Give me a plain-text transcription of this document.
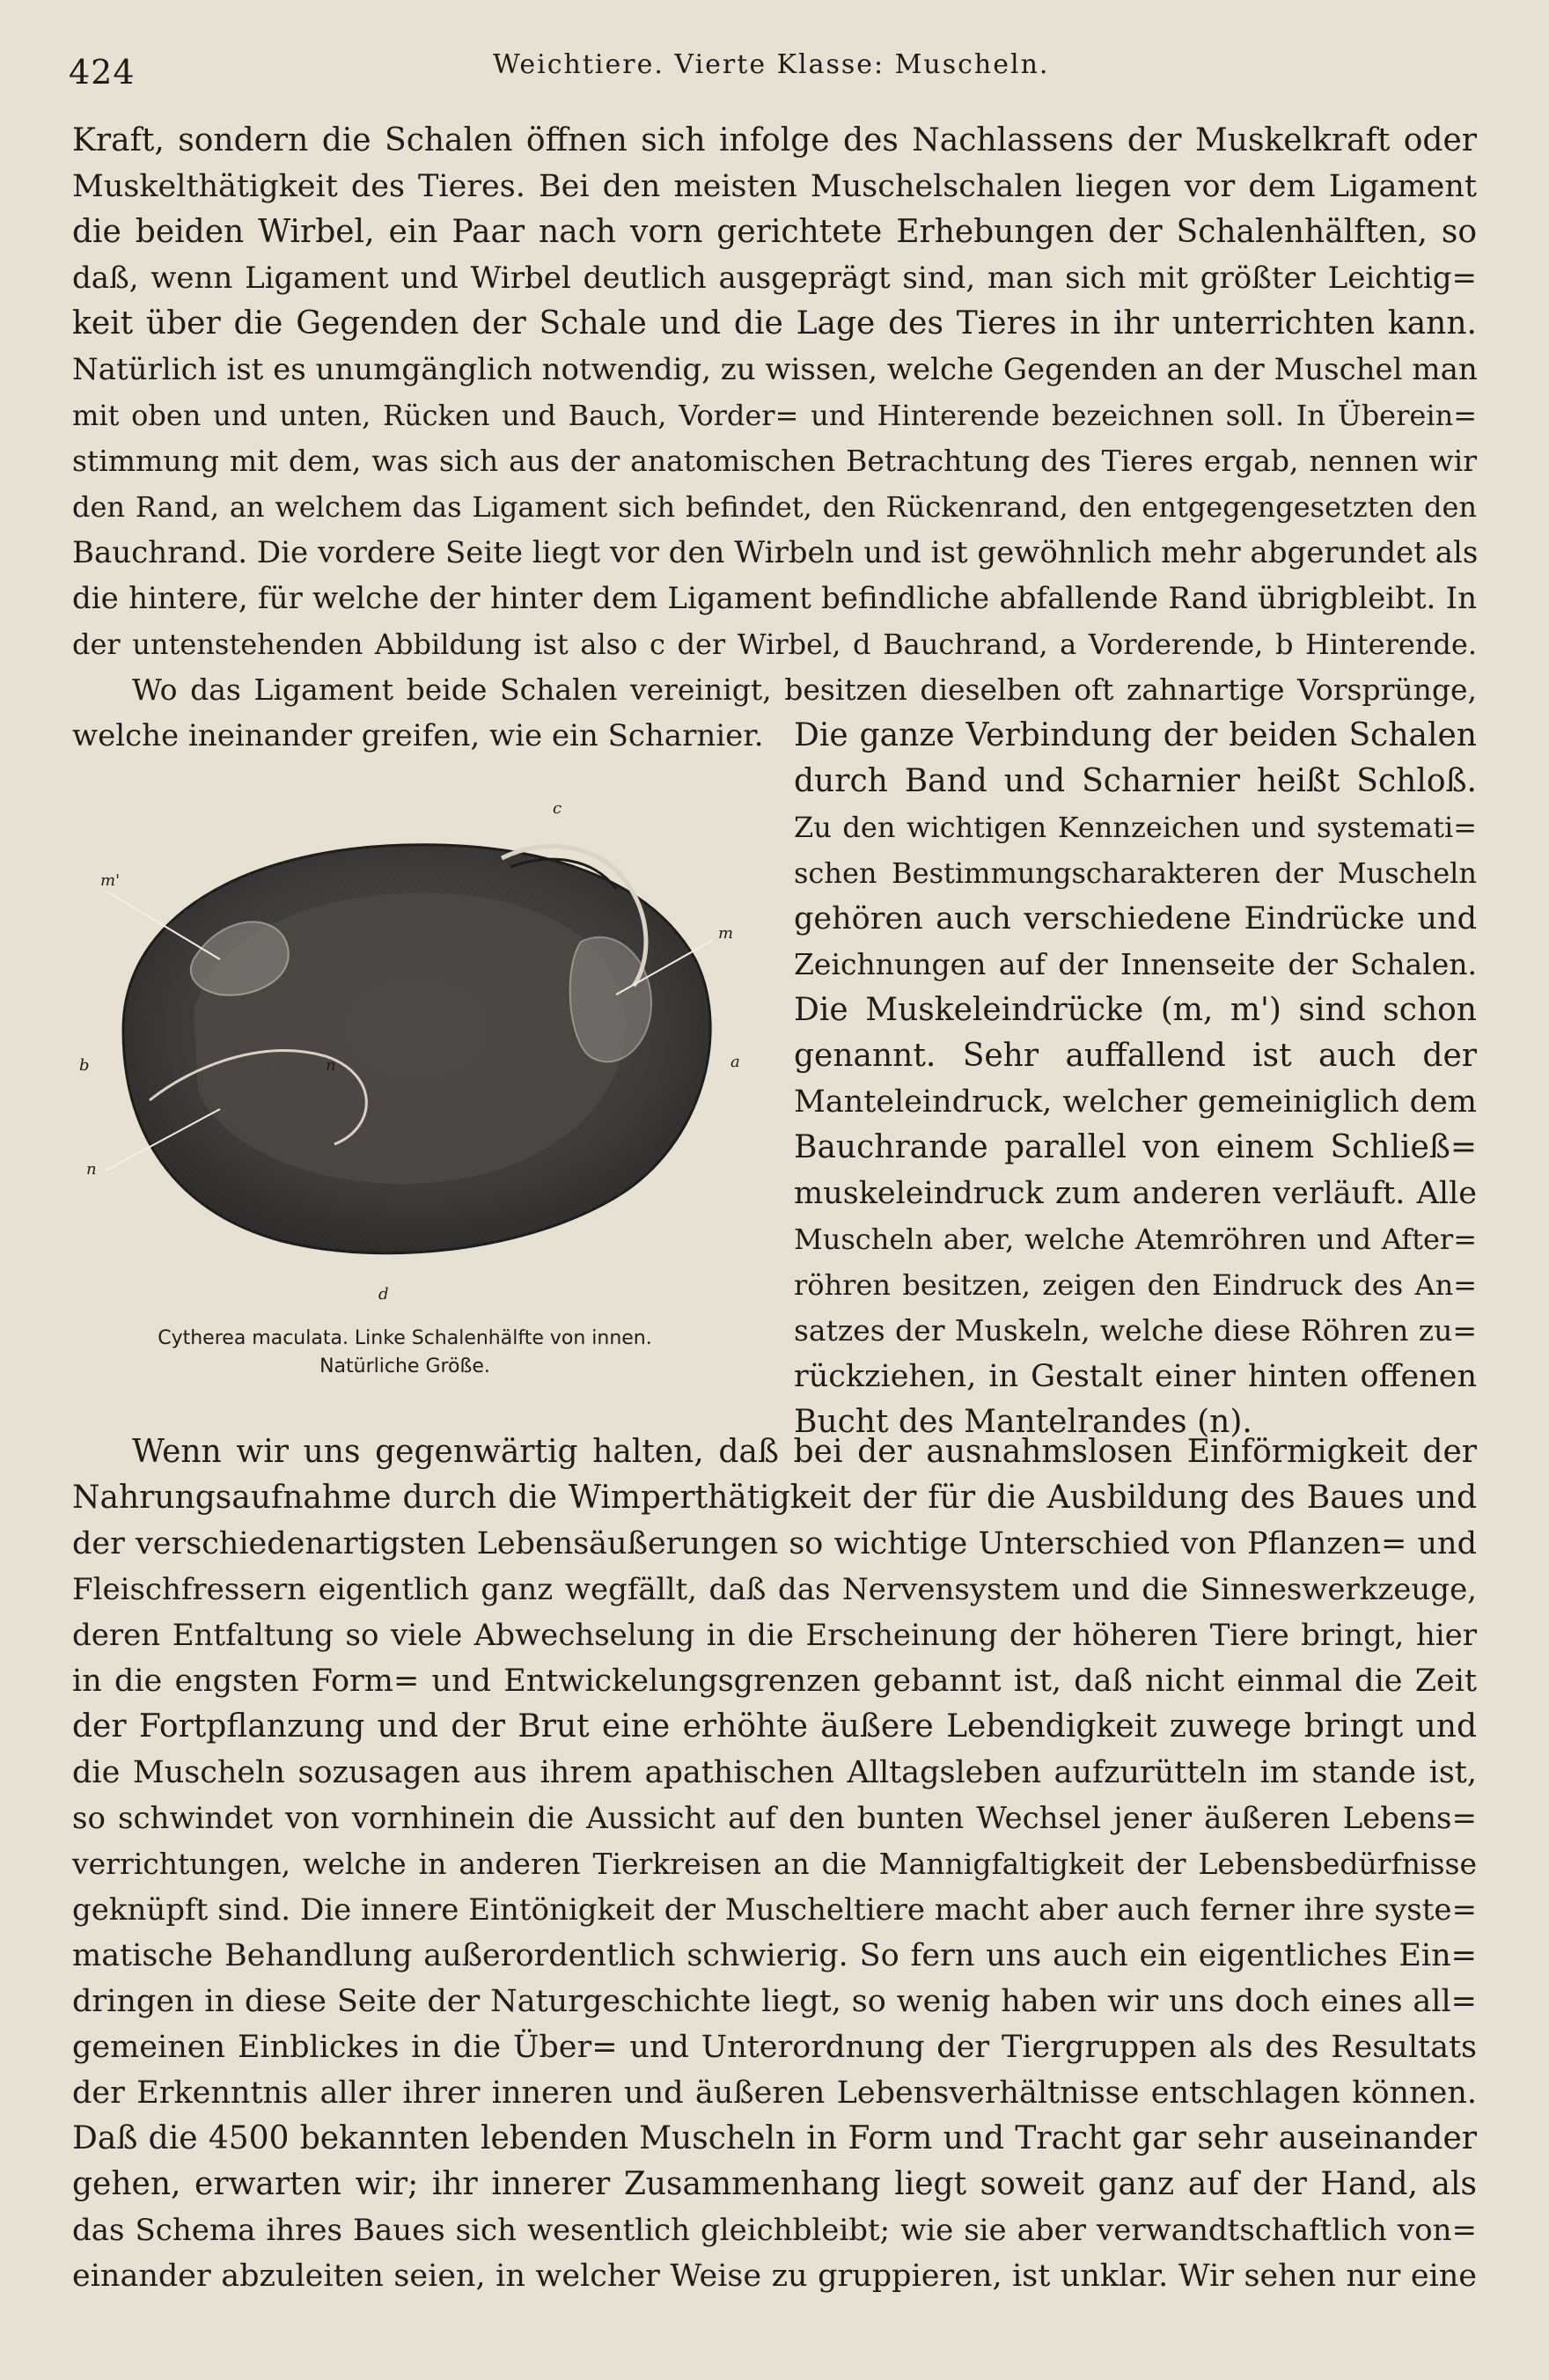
424	Weichtiere. Vierte Klasse: Muscheln.
Kraft, sondern die Schalen öffnen sich infolge des Nachlassens der Muskelkraft oder
Muskelthätigkeit des Tieres. Bei den meisten Muschelschalen liegen vor dem Ligament
die beiden Wirbel, ein Paar nach vorn gerichtete Erhebungen der Schalenhälften, so
daß, wenn Ligament und Wirbel deutlich ausgeprägt sind, man sich mit größter Leichtig=
keit über die Gegenden der Schale und die Lage des Tieres in ihr unterrichten kann.
Natürlich ist es unumgänglich notwendig, zu wissen, welche Gegenden an der Muschel man
mit oben und unten, Rücken und Bauch, Vorder= und Hinterende bezeichnen soll. In Überein=
stimmung mit dem, was sich aus der anatomischen Betrachtung des Tieres ergab, nennen wir
den Rand, an welchem das Ligament sich befindet, den Rückenrand, den entgegengesetzten den
Bauchrand. Die vordere Seite liegt vor den Wirbeln und ist gewöhnlich mehr abgerundet als
die hintere, für welche der hinter dem Ligament befindliche abfallende Rand übrigbleibt. In
der untenstehenden Abbildung ist also c der Wirbel, d Bauchrand, a Vorderende, b Hinterende.
Wo das Ligament beide Schalen vereinigt, besitzen dieselben oft zahnartige Vorsprünge,
welche ineinander greifen, wie ein Scharnier. Die ganze Verbindung der beiden Schalen
durch Band und Scharnier heißt Schloß.
Zu den wichtigen Kennzeichen und systemati=
schen Bestimmungscharakteren der Muscheln
gehören auch verschiedene Eindrücke und
Zeichnungen auf der Innenseite der Schalen.
Die Muskeleindrücke (m, m') sind schon
genannt. Sehr auffallend ist auch der
Manteleindruck, welcher gemeiniglich dem
Bauchrande parallel von einem Schließ=
muskeleindruck zum anderen verläuft. Alle
Muscheln aber, welche Atemröhren und After=
röhren besitzen, zeigen den Eindruck des An=
satzes der Muskeln, welche diese Röhren zu=
rückziehen, in Gestalt einer hinten offenen
Bucht des Mantelrandes (n).
c
m'
m
b	n	a
n
d
Cytherea maculata. Linke Schalenhälfte von innen.
Natürliche Größe.
Wenn wir uns gegenwärtig halten, daß bei der ausnahmslosen Einförmigkeit der
Nahrungsaufnahme durch die Wimperthätigkeit der für die Ausbildung des Baues und
der verschiedenartigsten Lebensäußerungen so wichtige Unterschied von Pflanzen= und
Fleischfressern eigentlich ganz wegfällt, daß das Nervensystem und die Sinneswerkzeuge,
deren Entfaltung so viele Abwechselung in die Erscheinung der höheren Tiere bringt, hier
in die engsten Form= und Entwickelungsgrenzen gebannt ist, daß nicht einmal die Zeit
der Fortpflanzung und der Brut eine erhöhte äußere Lebendigkeit zuwege bringt und
die Muscheln sozusagen aus ihrem apathischen Alltagsleben aufzurütteln im stande ist,
so schwindet von vornhinein die Aussicht auf den bunten Wechsel jener äußeren Lebens=
verrichtungen, welche in anderen Tierkreisen an die Mannigfaltigkeit der Lebensbedürfnisse
geknüpft sind. Die innere Eintönigkeit der Muscheltiere macht aber auch ferner ihre syste=
matische Behandlung außerordentlich schwierig. So fern uns auch ein eigentliches Ein=
dringen in diese Seite der Naturgeschichte liegt, so wenig haben wir uns doch eines all=
gemeinen Einblickes in die Über= und Unterordnung der Tiergruppen als des Resultats
der Erkenntnis aller ihrer inneren und äußeren Lebensverhältnisse entschlagen können.
Daß die 4500 bekannten lebenden Muscheln in Form und Tracht gar sehr auseinander
gehen, erwarten wir; ihr innerer Zusammenhang liegt soweit ganz auf der Hand, als
das Schema ihres Baues sich wesentlich gleichbleibt; wie sie aber verwandtschaftlich von=
einander abzuleiten seien, in welcher Weise zu gruppieren, ist unklar. Wir sehen nur eine
